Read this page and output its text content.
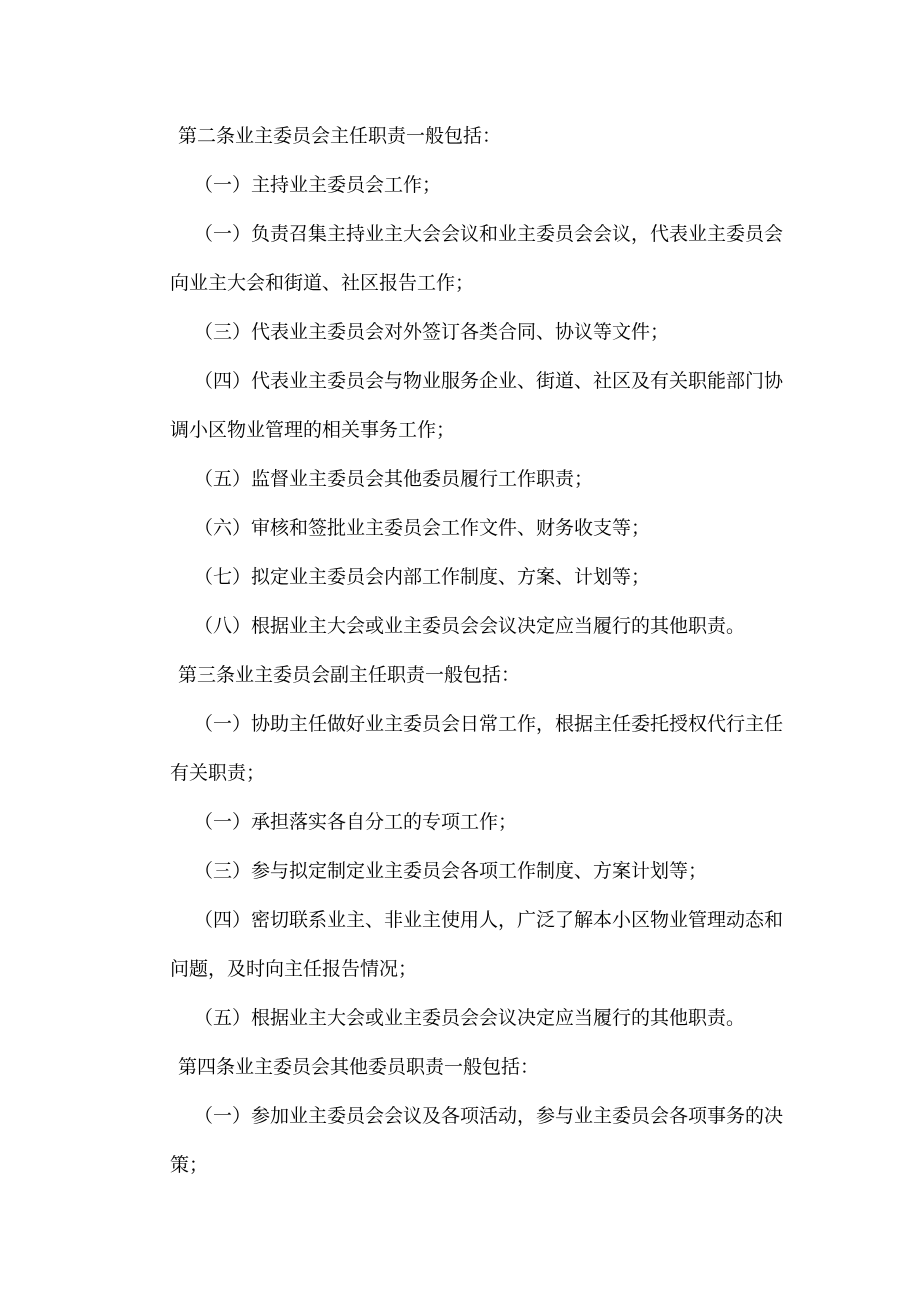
第二条业主委员会主任职责一般包括：

（一）主持业主委员会工作；

（一）负责召集主持业主大会会议和业主委员会会议，代表业主委员会向业主大会和街道、社区报告工作；

（三）代表业主委员会对外签订各类合同、协议等文件；

（四）代表业主委员会与物业服务企业、街道、社区及有关职能部门协调小区物业管理的相关事务工作；

（五）监督业主委员会其他委员履行工作职责；

（六）审核和签批业主委员会工作文件、财务收支等；

（七）拟定业主委员会内部工作制度、方案、计划等；

（八）根据业主大会或业主委员会会议决定应当履行的其他职责。

第三条业主委员会副主任职责一般包括：

（一）协助主任做好业主委员会日常工作，根据主任委托授权代行主任有关职责；

（一）承担落实各自分工的专项工作；

（三）参与拟定制定业主委员会各项工作制度、方案计划等；

（四）密切联系业主、非业主使用人，广泛了解本小区物业管理动态和问题，及时向主任报告情况；

（五）根据业主大会或业主委员会会议决定应当履行的其他职责。

第四条业主委员会其他委员职责一般包括：

（一）参加业主委员会会议及各项活动，参与业主委员会各项事务的决策；
